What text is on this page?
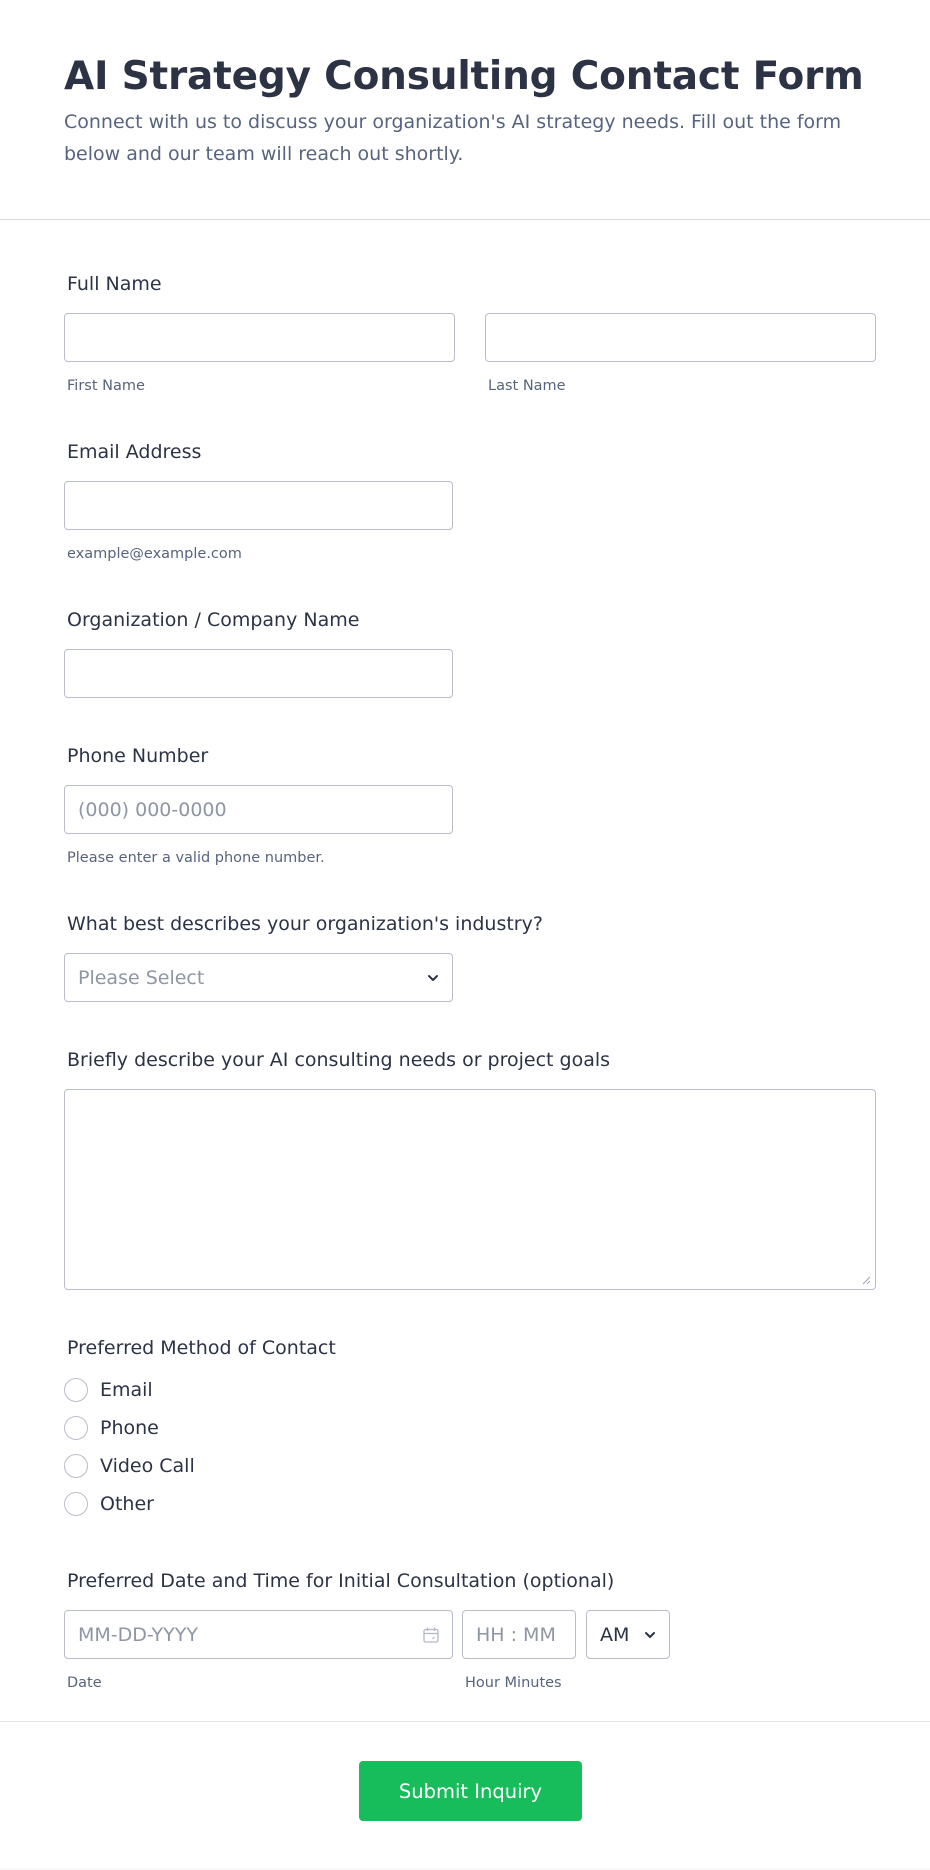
AI Strategy Consulting Contact Form

Connect with us to discuss your organization's AI strategy needs. Fill out the form below and our team will reach out shortly.

Full Name
First Name	Last Name
Email Address
example@example.com
Organization / Company Name
Phone Number
(000) 000-0000
Please enter a valid phone number.
What best describes your organization's industry?
Please Select
Briefly describe your AI consulting needs or project goals
Preferred Method of Contact
Email
Phone
Video Call
Other
Preferred Date and Time for Initial Consultation (optional)
MM-DD-YYYY	HH : MM AM
Date	Hour Minutes
Submit Inquiry
